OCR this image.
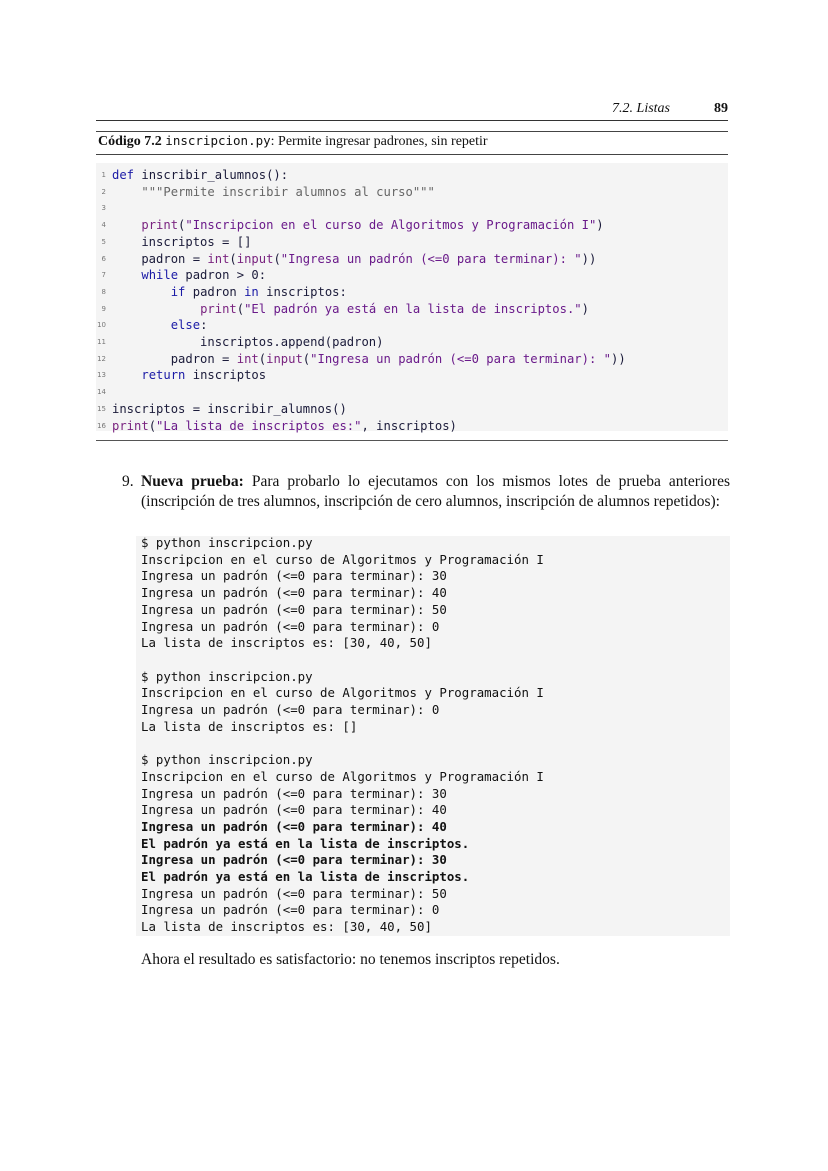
7.2. Listas	89
Código 7.2 inscripcion.py: Permite ingresar padrones, sin repetir
1 def inscribir_alumnos():
2	"""Permite inscribir alumnos al curso"""
3
4	print("Inscripcion en el curso de Algoritmos y Programación I")
5 inscriptos = []
6 padron = int(input("Ingresa un padrón (<=0 para terminar): "))
7	while padron > 0:
8	if padron in inscriptos:
9	print("El padrón ya está en la lista de inscriptos.")
10	else:
11 inscriptos.append(padron)
12 padron = int(input("Ingresa un padrón (<=0 para terminar): "))
13	return inscriptos
14
15 inscriptos = inscribir_alumnos()
16 print("La lista de inscriptos es:", inscriptos)
9. Nueva prueba: Para probarlo lo ejecutamos con los mismos lotes de prueba anteriores (inscripción de tres alumnos, inscripción de cero alumnos, inscripción de alumnos repetidos):
$ python inscripcion.py
Inscripcion en el curso de Algoritmos y Programación I
Ingresa un padrón (<=0 para terminar): 30
Ingresa un padrón (<=0 para terminar): 40
Ingresa un padrón (<=0 para terminar): 50
Ingresa un padrón (<=0 para terminar): 0
La lista de inscriptos es: [30, 40, 50]
$ python inscripcion.py
Inscripcion en el curso de Algoritmos y Programación I
Ingresa un padrón (<=0 para terminar): 0
La lista de inscriptos es: []
$ python inscripcion.py
Inscripcion en el curso de Algoritmos y Programación I
Ingresa un padrón (<=0 para terminar): 30
Ingresa un padrón (<=0 para terminar): 40
Ingresa un padrón (<=0 para terminar): 40
El padrón ya está en la lista de inscriptos.
Ingresa un padrón (<=0 para terminar): 30
El padrón ya está en la lista de inscriptos.
Ingresa un padrón (<=0 para terminar): 50
Ingresa un padrón (<=0 para terminar): 0
La lista de inscriptos es: [30, 40, 50]
Ahora el resultado es satisfactorio: no tenemos inscriptos repetidos.
